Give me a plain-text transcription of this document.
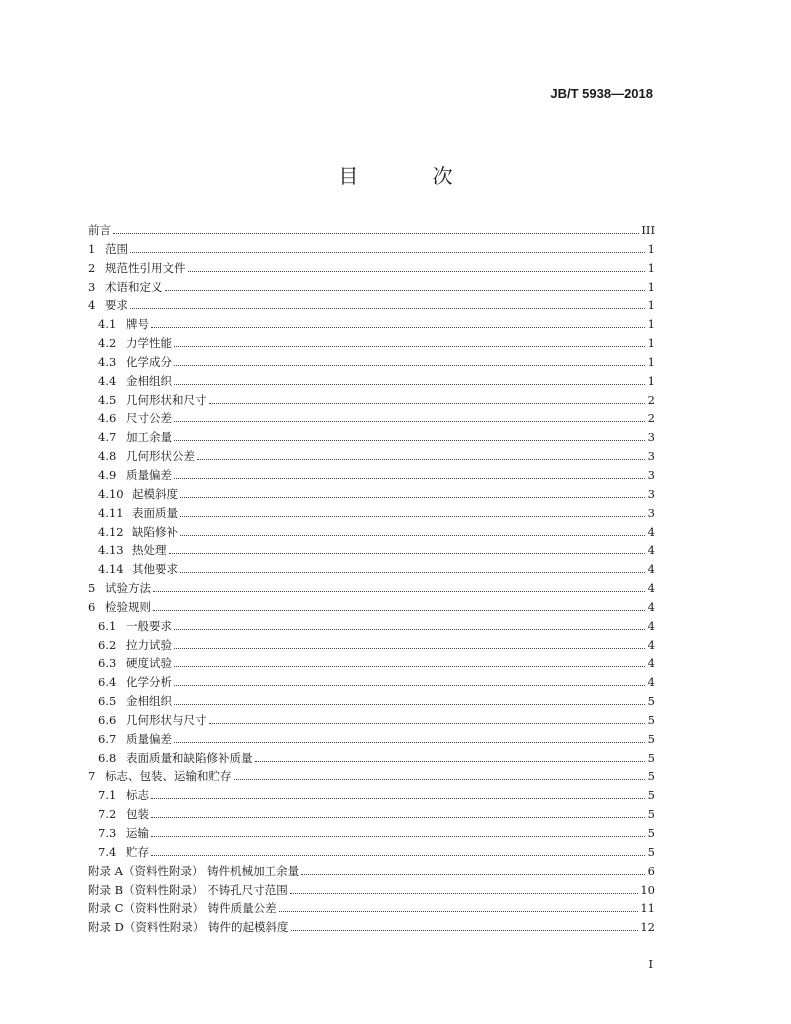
JB/T 5938—2018
目 次
前言	III
1 范围	1
2 规范性引用文件	1
3 术语和定义	1
4 要求	1
4.1 牌号	1
4.2 力学性能	1
4.3 化学成分	1
4.4 金相组织	1
4.5 几何形状和尺寸	2
4.6 尺寸公差	2
4.7 加工余量	3
4.8 几何形状公差	3
4.9 质量偏差	3
4.10 起模斜度	3
4.11 表面质量	3
4.12 缺陷修补	4
4.13 热处理	4
4.14 其他要求	4
5 试验方法	4
6 检验规则	4
6.1 一般要求	4
6.2 拉力试验	4
6.3 硬度试验	4
6.4 化学分析	4
6.5 金相组织	5
6.6 几何形状与尺寸	5
6.7 质量偏差	5
6.8 表面质量和缺陷修补质量	5
7 标志、包装、运输和贮存	5
7.1 标志	5
7.2 包装	5
7.3 运输	5
7.4 贮存	5
附录 A（资料性附录） 铸件机械加工余量	6
附录 B（资料性附录） 不铸孔尺寸范围	10
附录 C（资料性附录） 铸件质量公差	11
附录 D（资料性附录） 铸件的起模斜度	12
I
